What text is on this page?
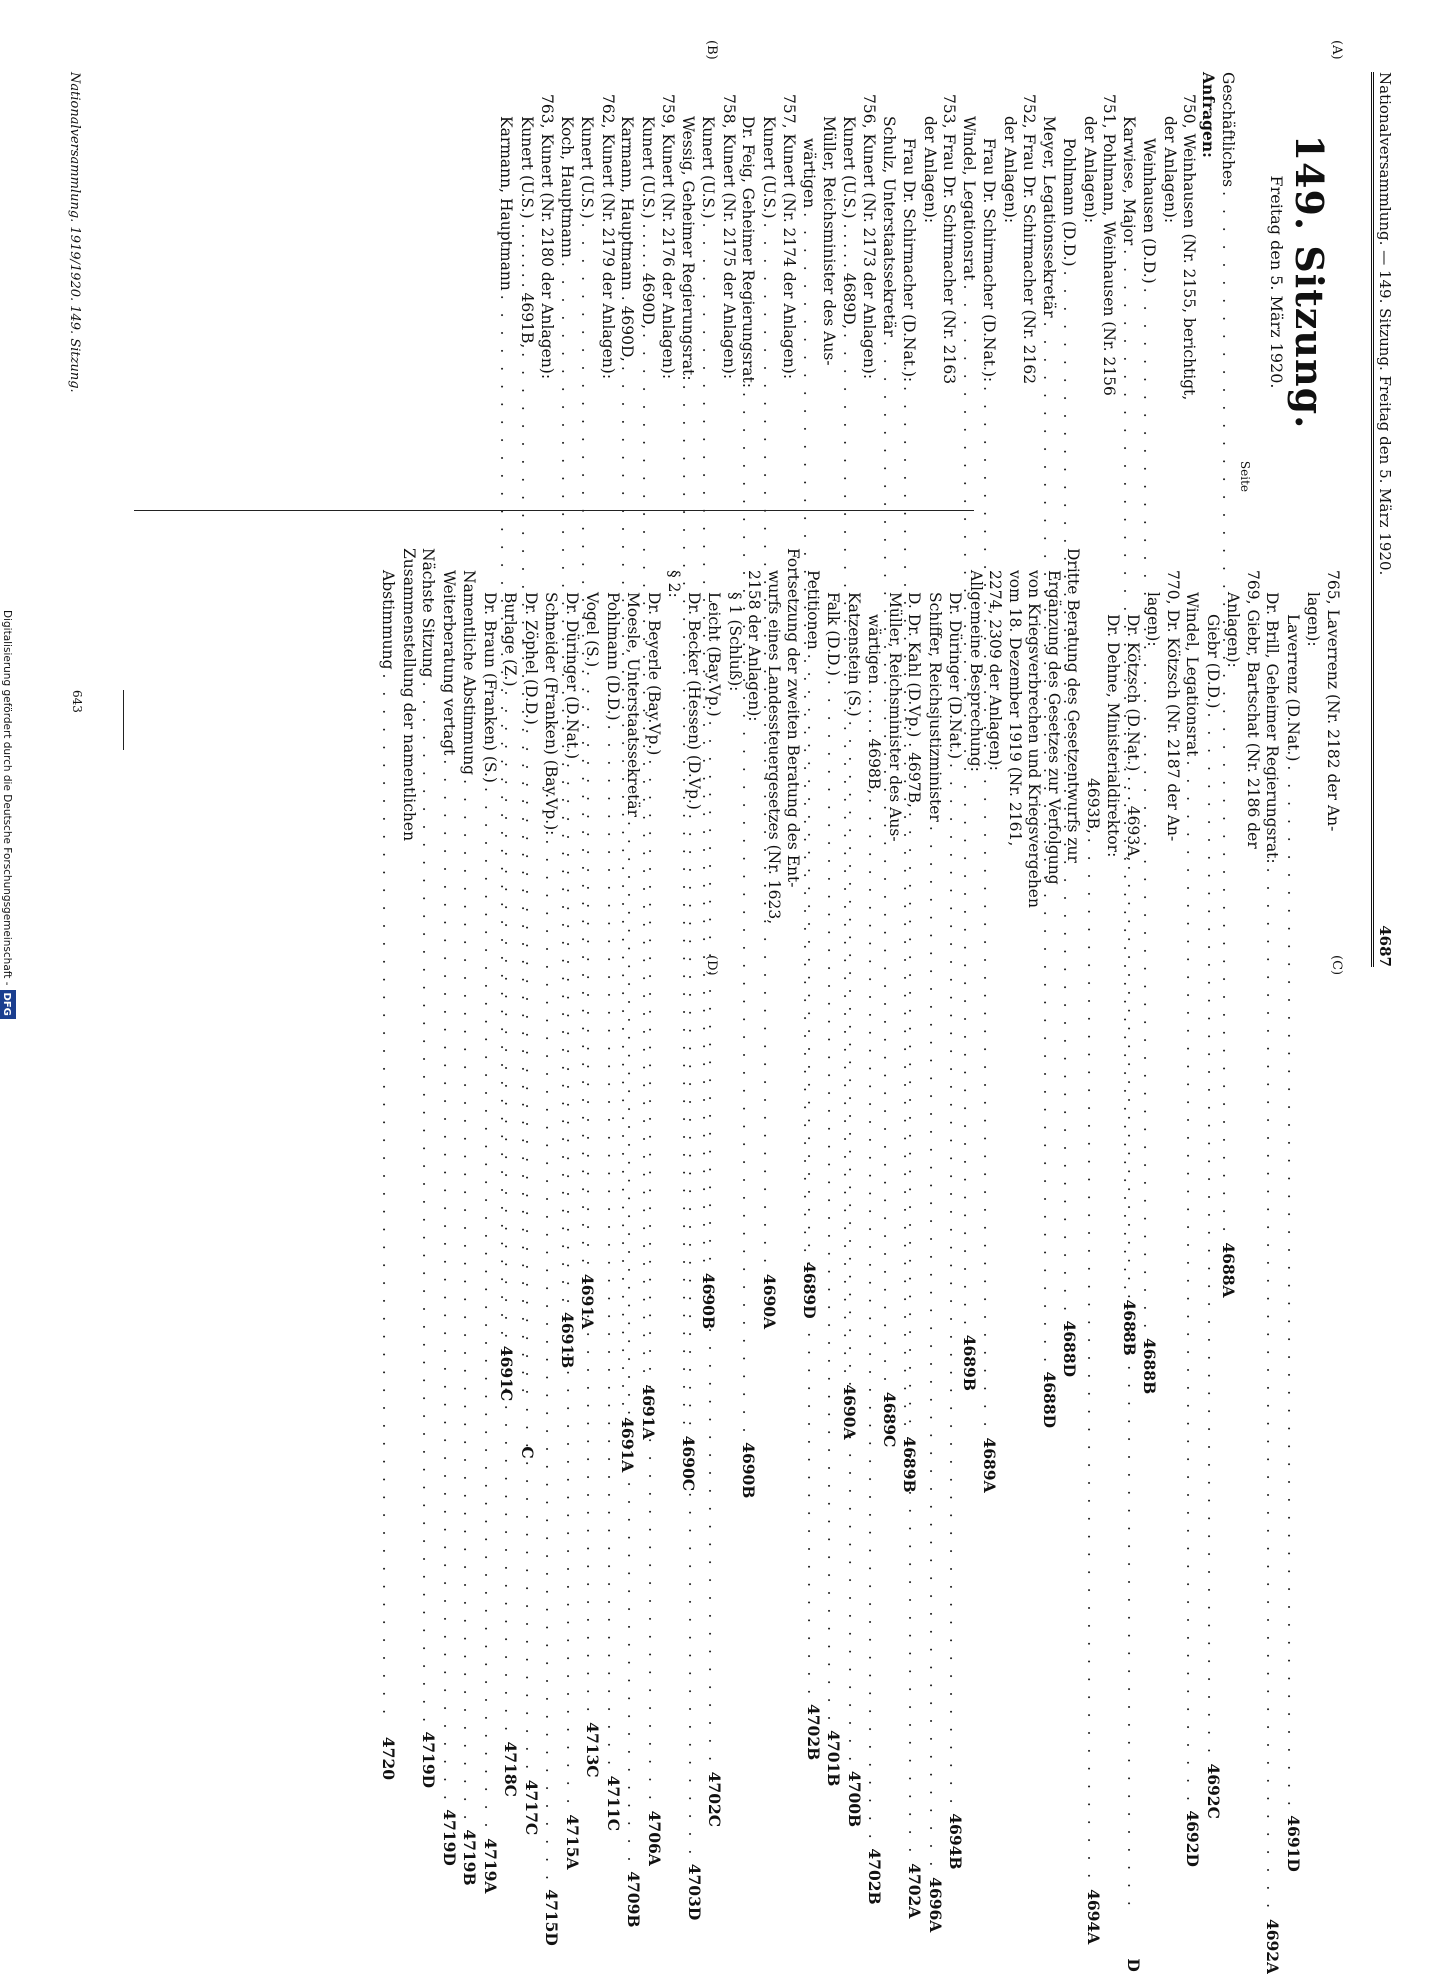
Nationalversammlung. — 149. Sitzung. Freitag den 5. März 1920.
4687
(A)
(B)
(C)
(D)
149. Sitzung.
Freitag den 5. März 1920.
Seite
Geschäftliches
. . .
4688A
Anfragen:
750, Weinhausen (Nr. 2155, berichtigt,
der Anlagen):
Weinhausen (D.D.)
. . .
4688B
Karwiese, Major
. . .
4688B
751, Pohlmann, Weinhausen (Nr. 2156
der Anlagen):
Pohlmann (D.D.)
. . .
4688D
Meyer, Legationssekretär
. . .
4688D
752, Frau Dr. Schirmacher (Nr. 2162
der Anlagen):
Frau Dr. Schirmacher (D.Nat.):
. . .
4689A
Windel, Legationsrat
. . .
4689B
753, Frau Dr. Schirmacher (Nr. 2163
der Anlagen):
Frau Dr. Schirmacher (D.Nat.):
. . .
4689B
Schulz, Unterstaatssekretär
. . .
4689C
756, Kunert (Nr. 2173 der Anlagen):
Kunert (U.S.) . . . . . 4689D,
. . .
4690A
Müller, Reichsminister des Aus-
wärtigen
. . .
4689D
757, Kunert (Nr. 2174 der Anlagen):
Kunert (U.S.)
. . .
4690A
Dr. Feig, Geheimer Regierungsrat:
. . .
4690B
758, Kunert (Nr. 2175 der Anlagen):
Kunert (U.S.)
. . .
4690B
Wessig, Geheimer Regierungsrat:
. . .
4690C
759, Kunert (Nr. 2176 der Anlagen):
Kunert (U.S.) . . . . . 4690D,
. . .
4691A
Karmann, Hauptmann . 4690D,
. . .
4691A
762, Kunert (Nr. 2179 der Anlagen):
Kunert (U.S.)
. . .
4691A
Koch, Hauptmann
. . .
4691B
763, Kunert (Nr. 2180 der Anlagen):
Kunert (U.S.) . . . . . . . 4691B,
. . .
C
Karmann, Hauptmann
. . .
4691C
765, Laverrenz (Nr. 2182 der An-
lagen):
Laverrenz (D.Nat.)
. . .
4691D
Dr. Brill, Geheimer Regierungsrat:
. . .
4692A
769, Giebr, Bartschat (Nr. 2186 der
Anlagen):
Giebr (D.D.)
. . .
4692C
Windel, Legationsrat
. . .
4692D
770, Dr. Kötzsch (Nr. 2187 der An-
lagen):
Dr. Kötzsch (D.Nat.) . . . 4693A,
. . .
D
Dr. Dehne, Ministerialdirektor:
4693B,
. . .
4694A
Dritte Beratung des Gesetzentwurfs zur
Ergänzung des Gesetzes zur Verfolgung
von Kriegsverbrechen und Kriegsvergehen
vom 18. Dezember 1919 (Nr. 2161,
2274, 2309 der Anlagen):
Allgemeine Besprechung:
Dr. Düringer (D.Nat.)
. . .
4694B
Schiffer, Reichsjustizminister
. . .
4696A
D. Dr. Kahl (D.Vp.) . 4697B,
. . .
4702A
Müller, Reichsminister des Aus-
wärtigen . . . . . 4698B,
. . .
4702B
Katzenstein (S.)
. . .
4700B
Falk (D.D.)
. . .
4701B
Petitionen
. . .
4702B
Fortsetzung der zweiten Beratung des Ent-
wurfs eines Landessteuergesetzes (Nr. 1623,
2158 der Anlagen):
§ 1 (Schluß):
Leicht (Bay.Vp.)
. . .
4702C
Dr. Becker (Hessen) (D.Vp.)
. . .
4703D
§ 2:
Dr. Beyerle (Bay.Vp.)
. . .
4706A
Moesle, Unterstaatssekretär
. . .
4709B
Pohlmann (D.D.)
. . .
4711C
Vogel (S.)
. . .
4713C
Dr. Düringer (D.Nat.)
. . .
4715A
Schneider (Franken) (Bay.Vp.):
. . .
4715D
Dr. Zöphel (D.D.)
. . .
4717C
Burlage (Z.)
. . .
4718C
Dr. Braun (Franken) (S.)
. . .
4719A
Namentliche Abstimmung
. . .
4719B
Weiterberatung vertagt
. . .
4719D
Nächste Sitzung
. . .
4719D
Zusammenstellung der namentlichen
Abstimmung
. . .
4720
Nationalversammlung. 1919/1920. 149. Sitzung.
643
Digitalisierung gefördert durch die Deutsche Forschungsgemeinschaft -DFG
